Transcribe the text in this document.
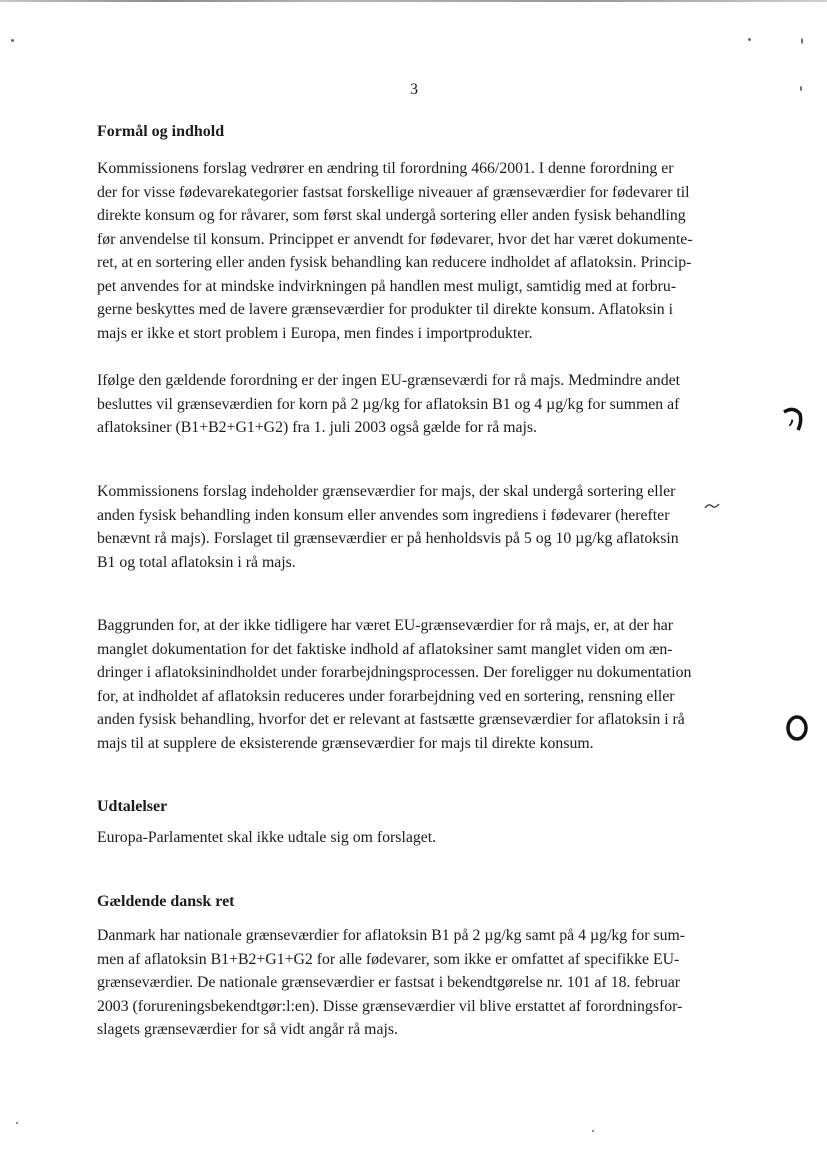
3
Formål og indhold
Kommissionens forslag vedrører en ændring til forordning 466/2001. I denne forordning er
der for visse fødevarekategorier fastsat forskellige niveauer af grænseværdier for fødevarer til
direkte konsum og for råvarer, som først skal undergå sortering eller anden fysisk behandling
før anvendelse til konsum. Princippet er anvendt for fødevarer, hvor det har været dokumente-
ret, at en sortering eller anden fysisk behandling kan reducere indholdet af aflatoksin. Princip-
pet anvendes for at mindske indvirkningen på handlen mest muligt, samtidig med at forbru-
gerne beskyttes med de lavere grænseværdier for produkter til direkte konsum. Aflatoksin i
majs er ikke et stort problem i Europa, men findes i importprodukter.
Ifølge den gældende forordning er der ingen EU-grænseværdi for rå majs. Medmindre andet
besluttes vil grænseværdien for korn på 2 µg/kg for aflatoksin B1 og 4 µg/kg for summen af
aflatoksiner (B1+B2+G1+G2) fra 1. juli 2003 også gælde for rå majs.
Kommissionens forslag indeholder grænseværdier for majs, der skal undergå sortering eller
anden fysisk behandling inden konsum eller anvendes som ingrediens i fødevarer (herefter
benævnt rå majs). Forslaget til grænseværdier er på henholdsvis på 5 og 10 µg/kg aflatoksin
B1 og total aflatoksin i rå majs.
Baggrunden for, at der ikke tidligere har været EU-grænseværdier for rå majs, er, at der har
manglet dokumentation for det faktiske indhold af aflatoksiner samt manglet viden om æn-
dringer i aflatoksinindholdet under forarbejdningsprocessen. Der foreligger nu dokumentation
for, at indholdet af aflatoksin reduceres under forarbejdning ved en sortering, rensning eller
anden fysisk behandling, hvorfor det er relevant at fastsætte grænseværdier for aflatoksin i rå
majs til at supplere de eksisterende grænseværdier for majs til direkte konsum.
Udtalelser
Europa-Parlamentet skal ikke udtale sig om forslaget.
Gældende dansk ret
Danmark har nationale grænseværdier for aflatoksin B1 på 2 µg/kg samt på 4 µg/kg for sum-
men af aflatoksin B1+B2+G1+G2 for alle fødevarer, som ikke er omfattet af specifikke EU-
grænseværdier. De nationale grænseværdier er fastsat i bekendtgørelse nr. 101 af 18. februar
2003 (forureningsbekendtgør:l:en). Disse grænseværdier vil blive erstattet af forordningsfor-
slagets grænseværdier for så vidt angår rå majs.
,
